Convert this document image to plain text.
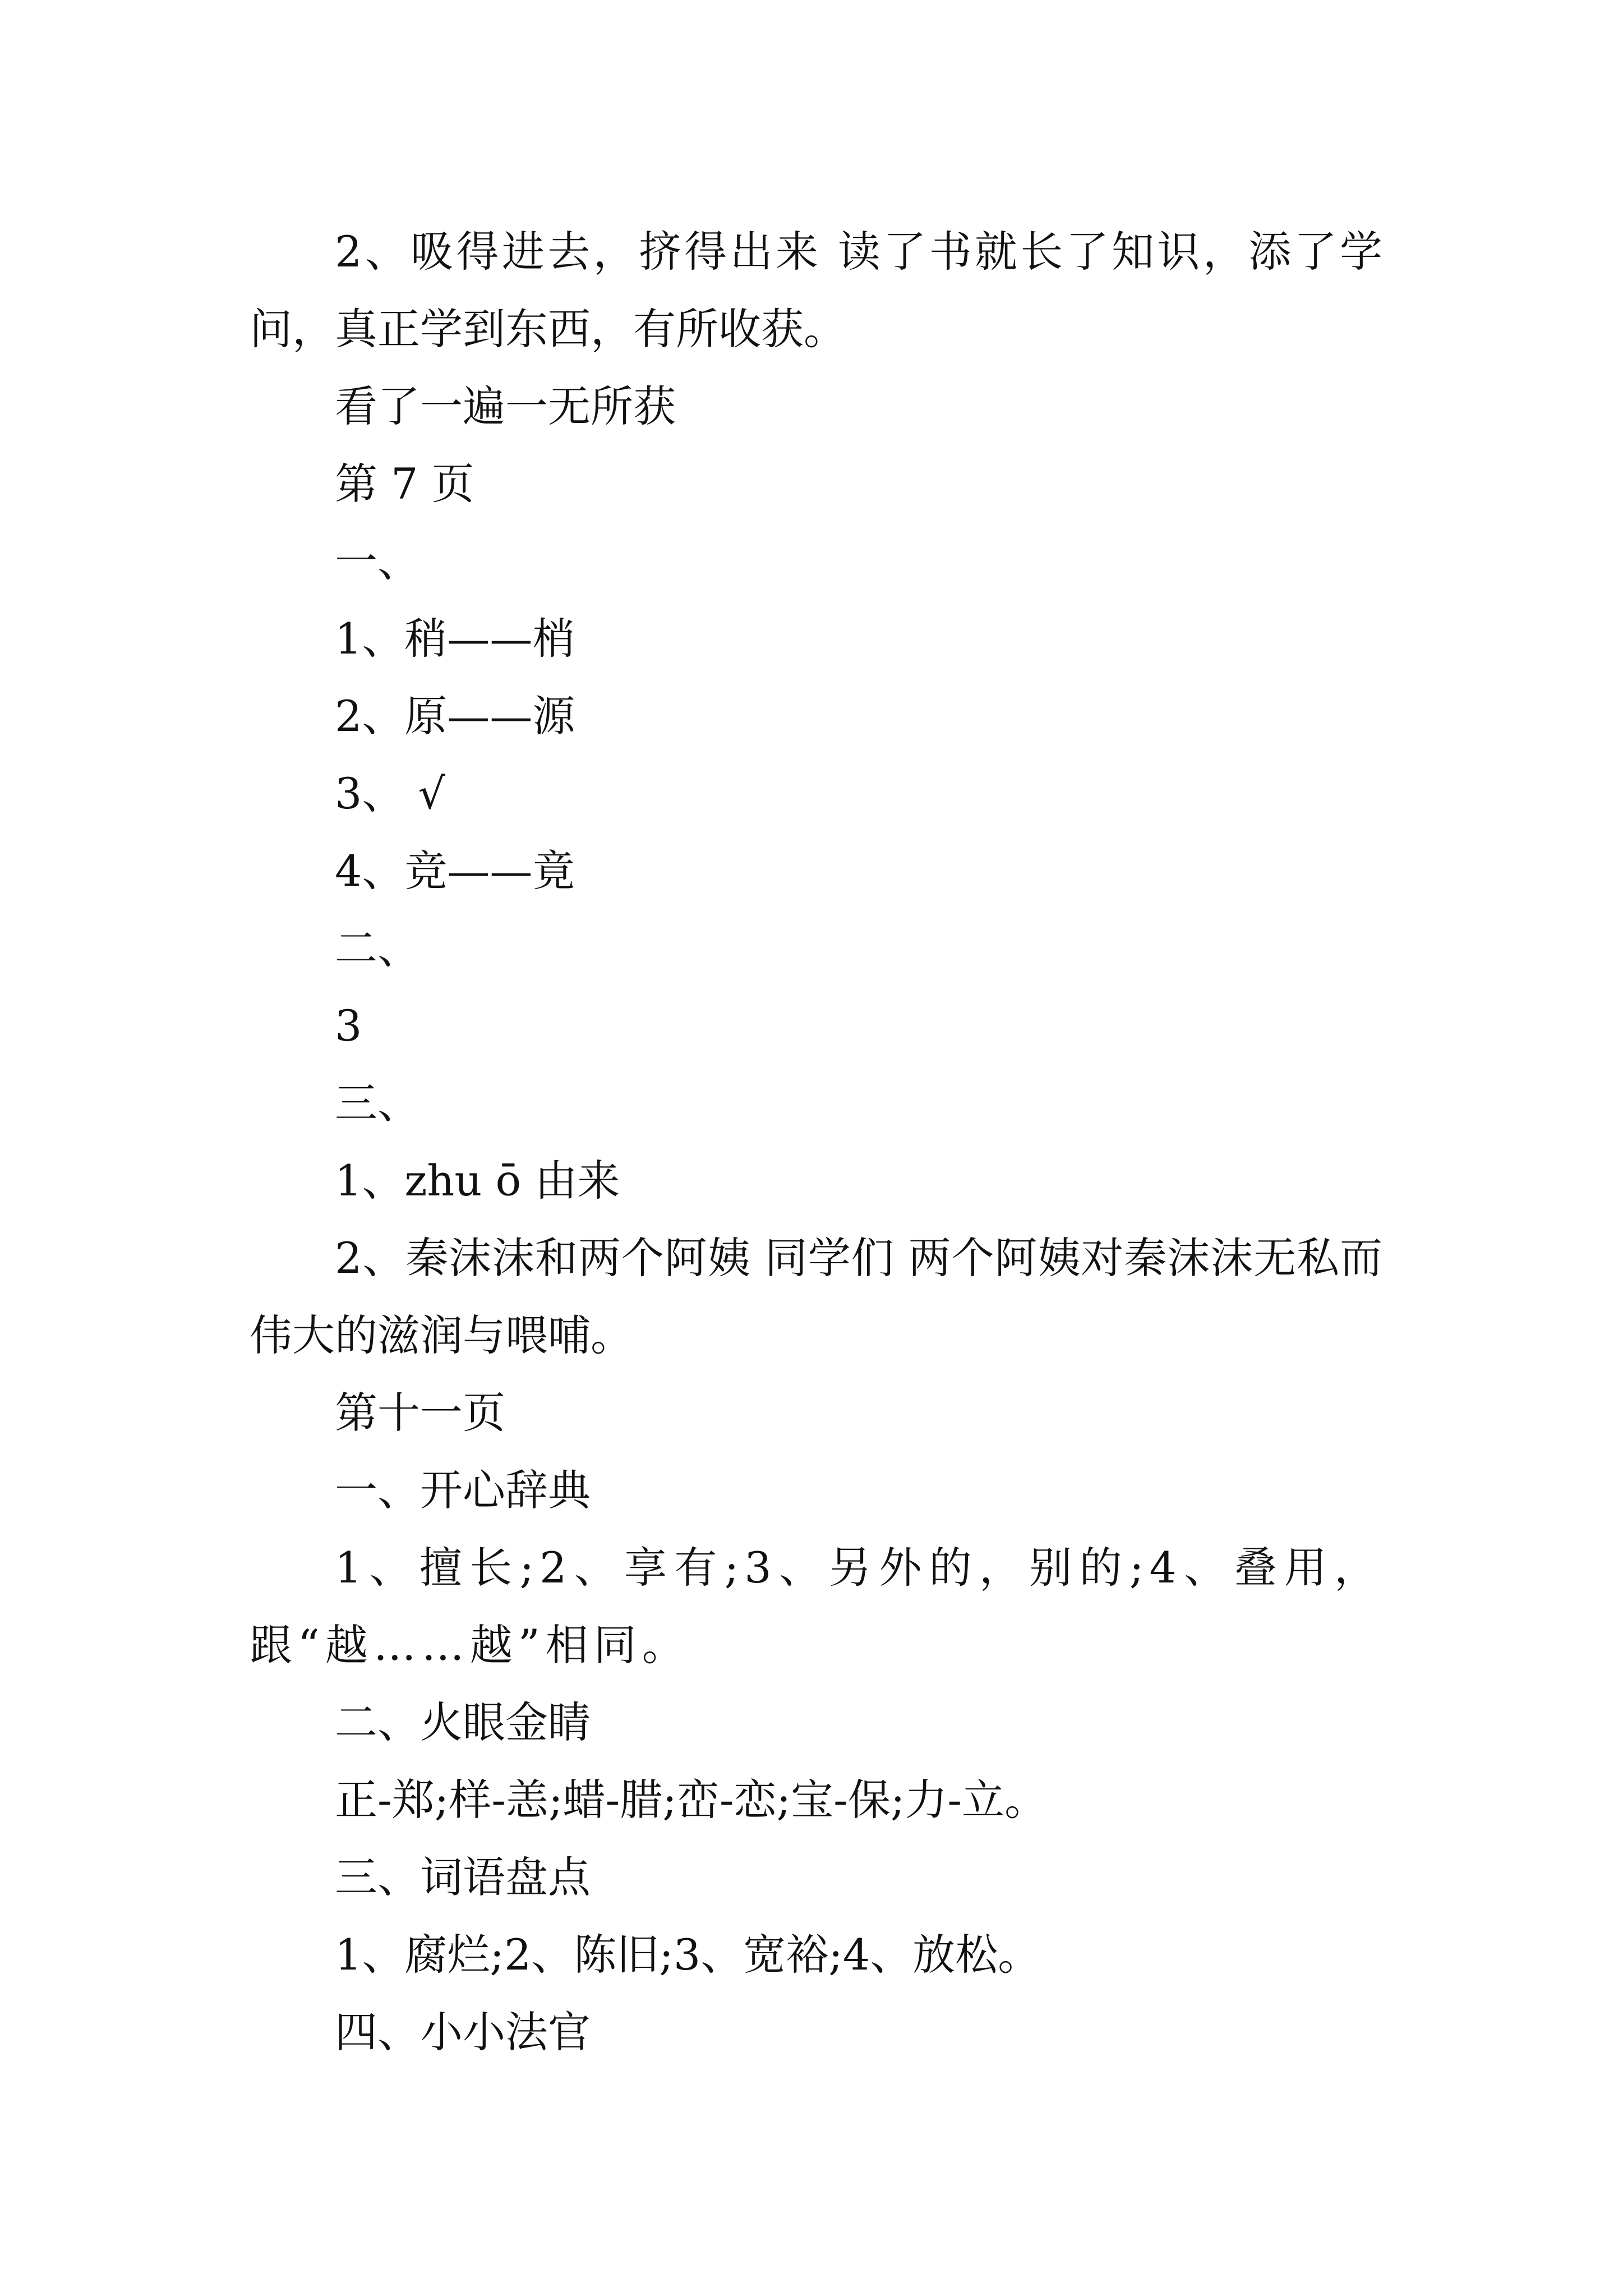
2、吸得进去，挤得出来 读了书就长了知识，添了学问，真正学到东西，有所收获。

看了一遍一无所获

第 7 页

一、

1、稍——梢

2、原——源

3、 √

4、竞——竟

二、

3

三、

1、zhu ō 由来

2、秦沫沫和两个阿姨 同学们 两个阿姨对秦沫沫无私而伟大的滋润与喂哺。

第十一页

一、开心辞典

1、擅长;2、享有;3、另外的，别的;4、叠用，跟“越……越”相同。

二、火眼金睛

正-郑;样-恙;蜡-腊;峦-恋;宝-保;力-立。

三、词语盘点

1、腐烂;2、陈旧;3、宽裕;4、放松。

四、小小法官
